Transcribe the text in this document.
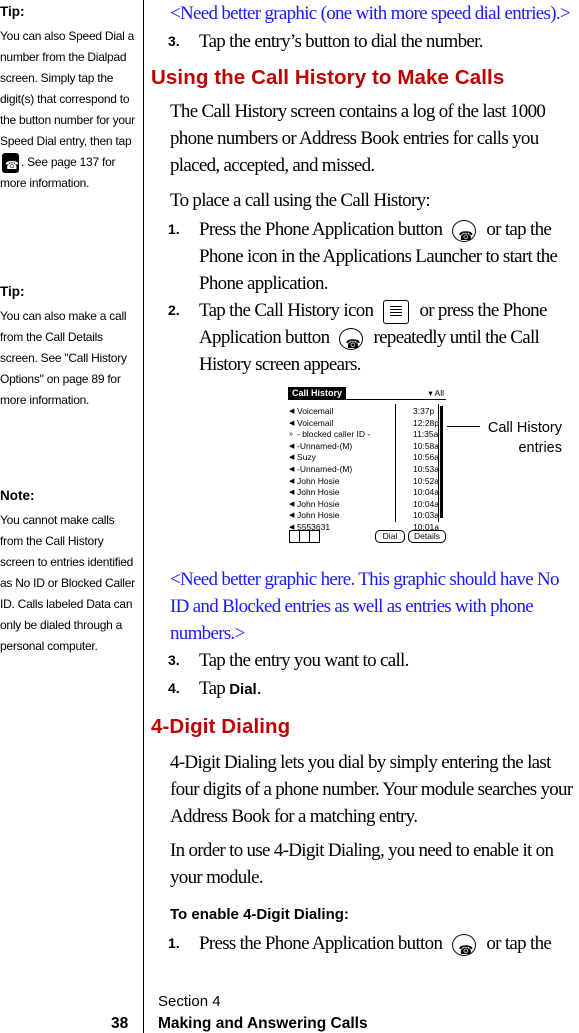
Tip:
You can also Speed Dial a number from the Dialpad screen. Simply tap the digit(s) that correspond to the button number for your Speed Dial entry, then tap ☎. See page 137 for more information.
Tip:
You can also make a call from the Call Details screen. See "Call History Options" on page 89 for more information.
Note:
You cannot make calls from the Call History screen to entries identified as No ID or Blocked Caller ID. Calls labeled Data can only be dialed through a personal computer.
<Need better graphic (one with more speed dial entries).>
3. Tap the entry’s button to dial the number.
Using the Call History to Make Calls
The Call History screen contains a log of the last 1000 phone numbers or Address Book entries for calls you placed, accepted, and missed.
To place a call using the Call History:
1. Press the Phone Application button ☎ or tap the Phone icon in the Applications Launcher to start the Phone application.
2. Tap the Call History icon or press the Phone Application button ☎ repeatedly until the Call History screen appears.
Call History	▾ All
◀ Voicemail	3:37p
◀ Voicemail	12:28p
» - blocked caller ID -	11:35a
◀ -Unnamed-(M)	10:58a
◀ Suzy	10:56a
◀ -Unnamed-(M)	10:53a
◀ John Hosie	10:52a
◀ John Hosie	10:04a
◀ John Hosie	10:04a
◀ John Hosie	10:03a
◀ 5553631	10:01a
Dial	Details
Call History entries
<Need better graphic here. This graphic should have No ID and Blocked entries as well as entries with phone numbers.>
3. Tap the entry you want to call.
4. Tap Dial.
4-Digit Dialing
4-Digit Dialing lets you dial by simply entering the last four digits of a phone number. Your module searches your Address Book for a matching entry.
In order to use 4-Digit Dialing, you need to enable it on your module.
To enable 4-Digit Dialing:
1. Press the Phone Application button ☎ or tap the
Section 4
38 Making and Answering Calls
